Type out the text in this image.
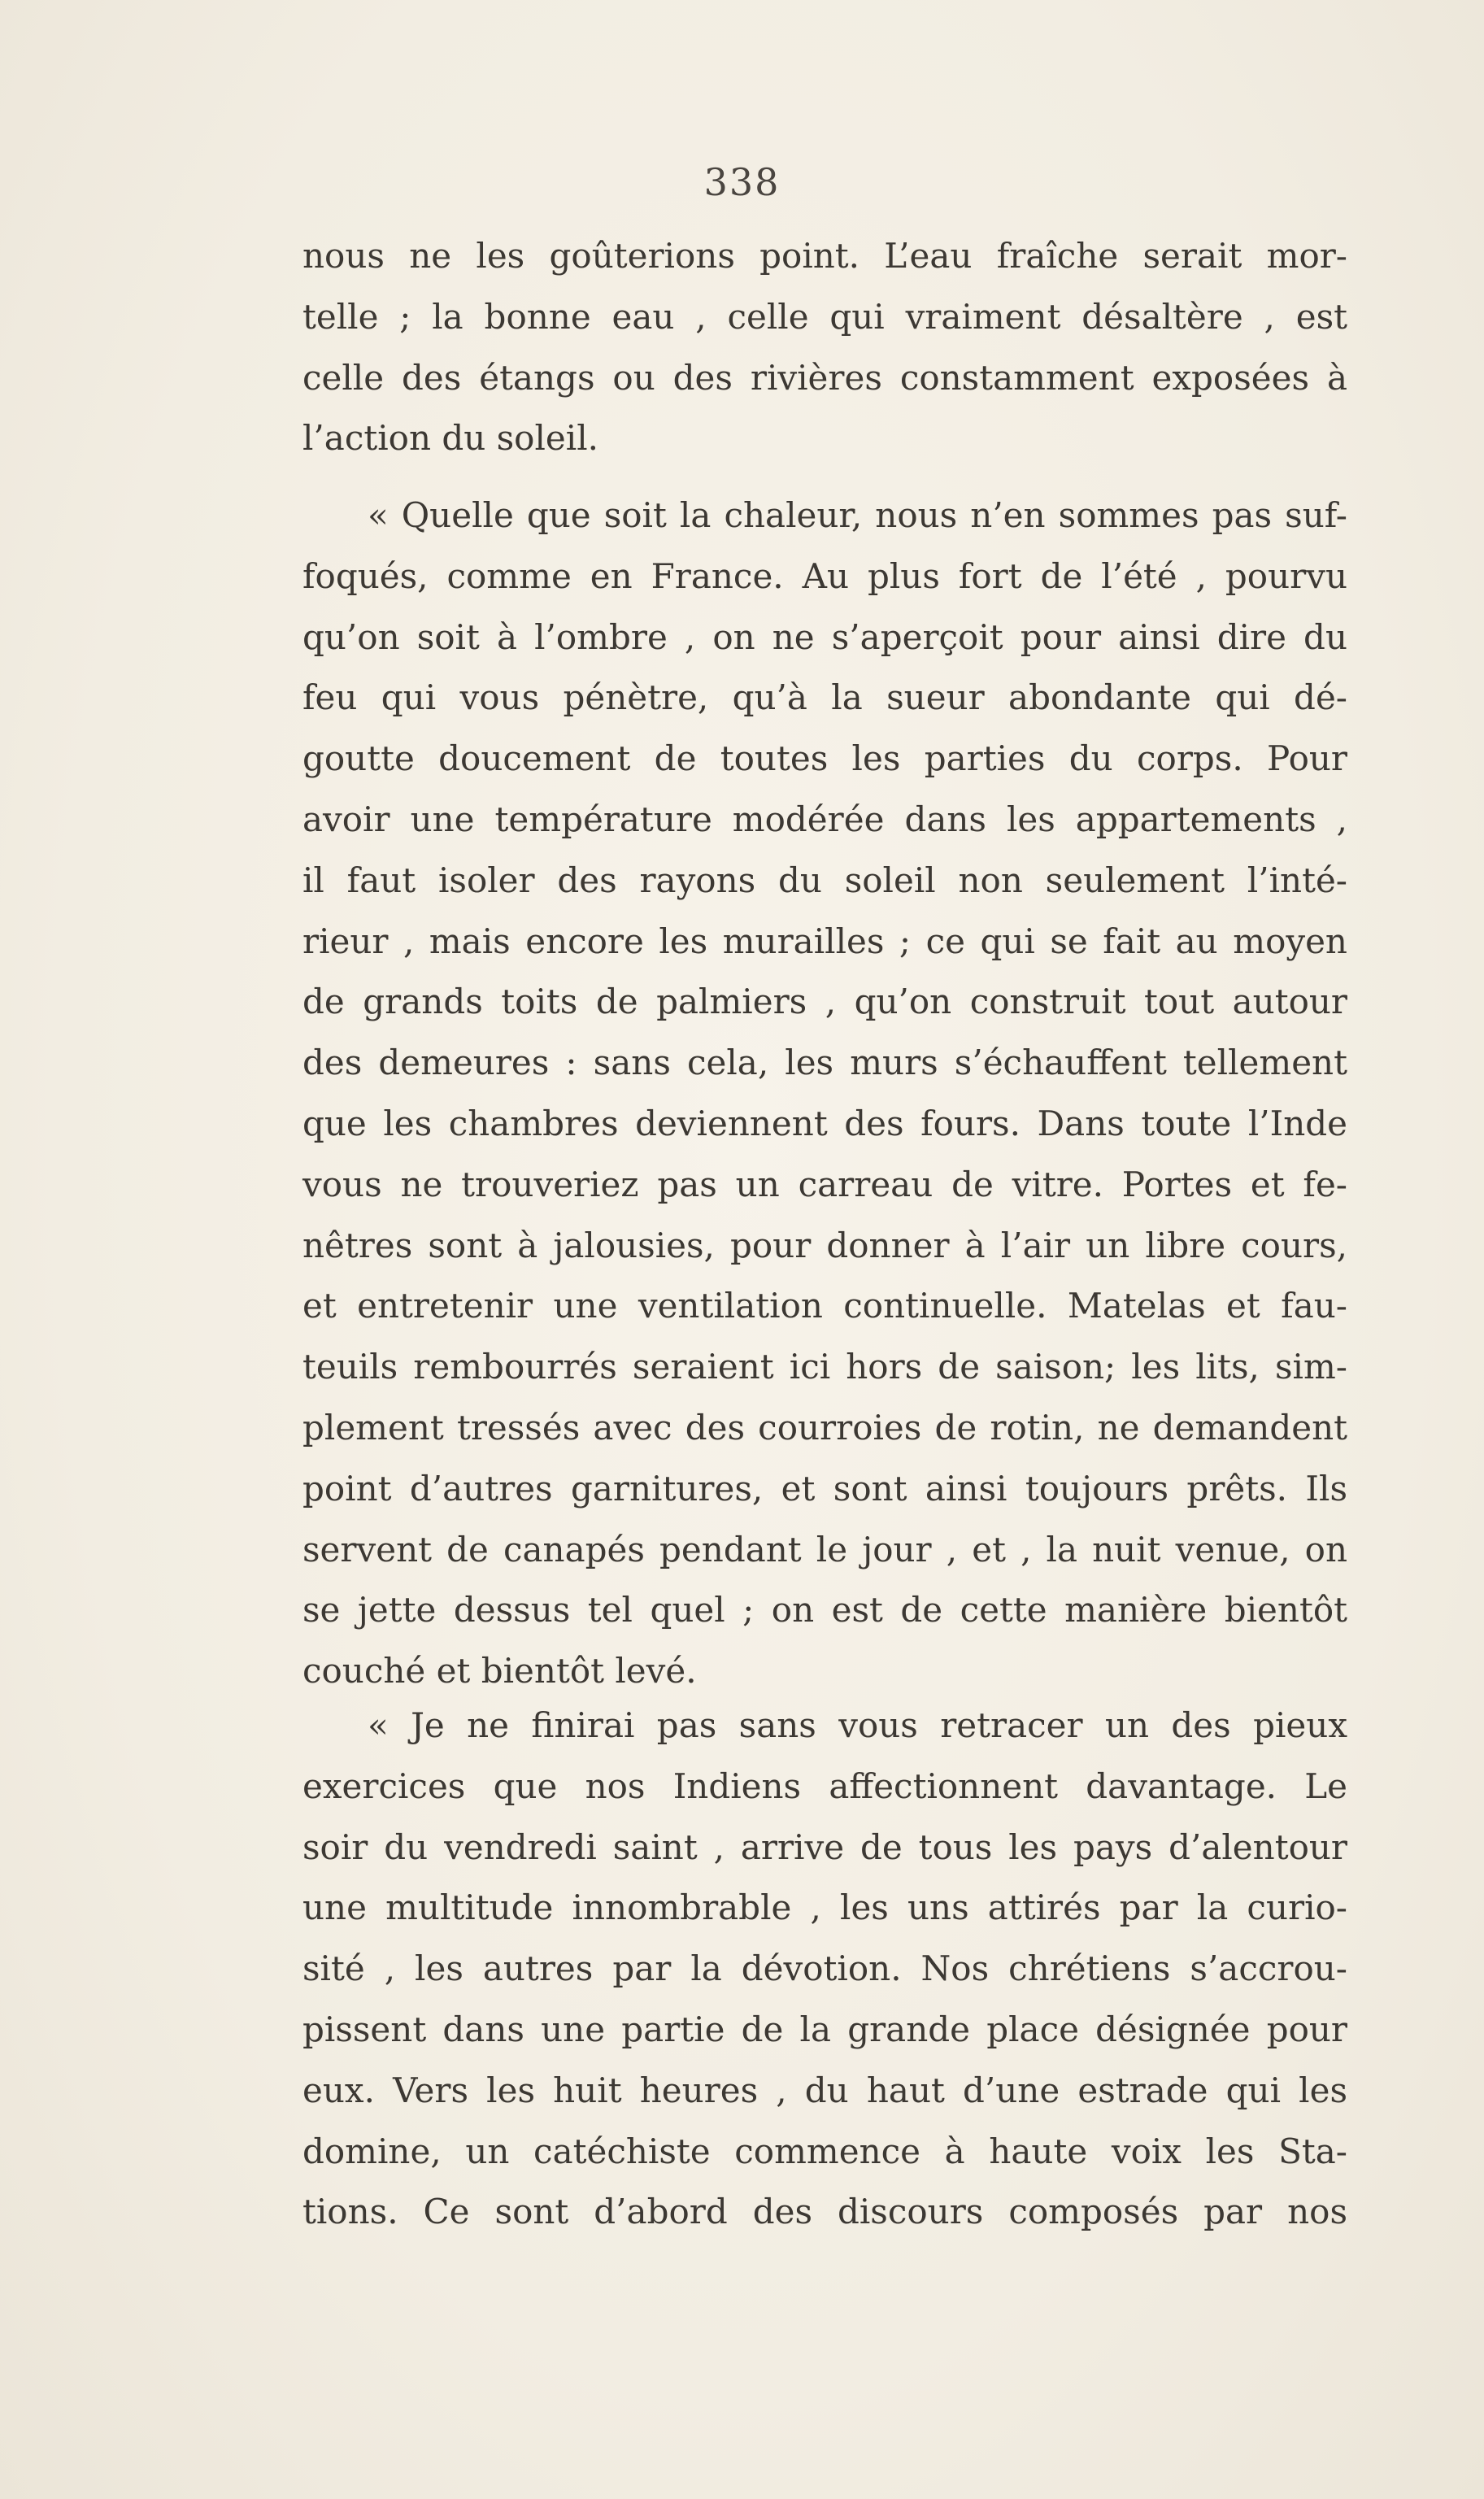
338
nous ne les goûterions point. L’eau fraîche serait mor-
telle ; la bonne eau , celle qui vraiment désaltère , est
celle des étangs ou des rivières constamment exposées à
l’action du soleil.
« Quelle que soit la chaleur, nous n’en sommes pas suf-
foqués, comme en France. Au plus fort de l’été , pourvu
qu’on soit à l’ombre , on ne s’aperçoit pour ainsi dire du
feu qui vous pénètre, qu’à la sueur abondante qui dé-
goutte doucement de toutes les parties du corps. Pour
avoir une température modérée dans les appartements ,
il faut isoler des rayons du soleil non seulement l’inté-
rieur , mais encore les murailles ; ce qui se fait au moyen
de grands toits de palmiers , qu’on construit tout autour
des demeures : sans cela, les murs s’échauffent tellement
que les chambres deviennent des fours. Dans toute l’Inde
vous ne trouveriez pas un carreau de vitre. Portes et fe-
nêtres sont à jalousies, pour donner à l’air un libre cours,
et entretenir une ventilation continuelle. Matelas et fau-
teuils rembourrés seraient ici hors de saison; les lits, sim-
plement tressés avec des courroies de rotin, ne demandent
point d’autres garnitures, et sont ainsi toujours prêts. Ils
servent de canapés pendant le jour , et , la nuit venue, on
se jette dessus tel quel ; on est de cette manière bientôt
couché et bientôt levé.
« Je ne finirai pas sans vous retracer un des pieux
exercices que nos Indiens affectionnent davantage. Le
soir du vendredi saint , arrive de tous les pays d’alentour
une multitude innombrable , les uns attirés par la curio-
sité , les autres par la dévotion. Nos chrétiens s’accrou-
pissent dans une partie de la grande place désignée pour
eux. Vers les huit heures , du haut d’une estrade qui les
domine, un catéchiste commence à haute voix les Sta-
tions. Ce sont d’abord des discours composés par nos
